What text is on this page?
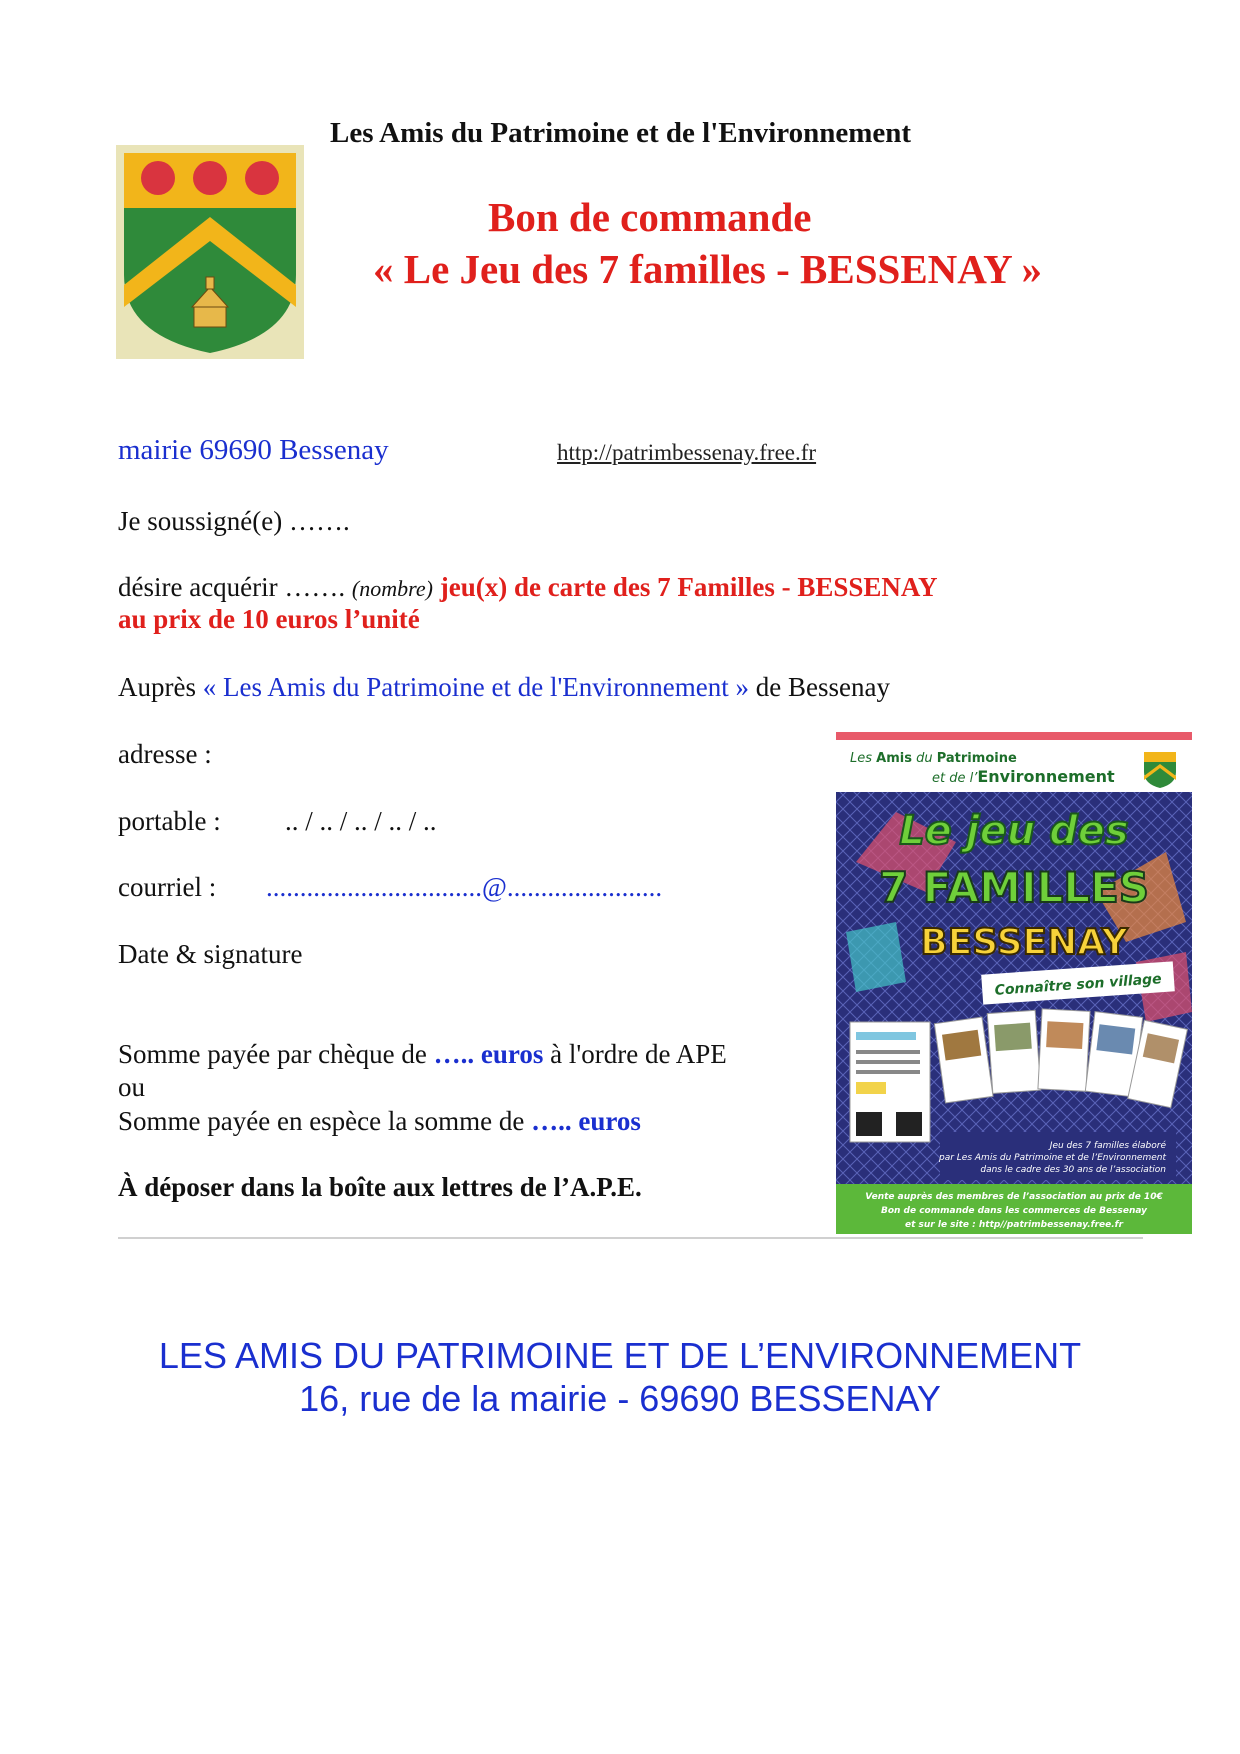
Les Amis du Patrimoine et de l'Environnement
Bon de commande
« Le Jeu des 7 familles - BESSENAY »
mairie 69690 Bessenay	http://patrimbessenay.free.fr
Je soussigné(e) …….
désire acquérir ……. (nombre) jeu(x) de carte des 7 Familles - BESSENAY
au prix de 10 euros l’unité
Auprès « Les Amis du Patrimoine et de l'Environnement » de Bessenay
adresse :
portable : .. / .. / .. / .. / ..
courriel : ................................@.......................
Date & signature
Somme payée par chèque de ….. euros à l'ordre de APE
ou
Somme payée en espèce la somme de ….. euros
À déposer dans la boîte aux lettres de l’A.P.E.
Les Amis du Patrimoine
et de l’Environnement
Le jeu des
7 FAMILLES
BESSENAY
Connaître son village
Jeu des 7 familles élaboré
par Les Amis du Patrimoine et de l’Environnement
dans le cadre des 30 ans de l’association
Vente auprès des membres de l’association au prix de 10€
Bon de commande dans les commerces de Bessenay
et sur le site : http//patrimbessenay.free.fr
LES AMIS DU PATRIMOINE ET DE L’ENVIRONNEMENT
16, rue de la mairie - 69690 BESSENAY
